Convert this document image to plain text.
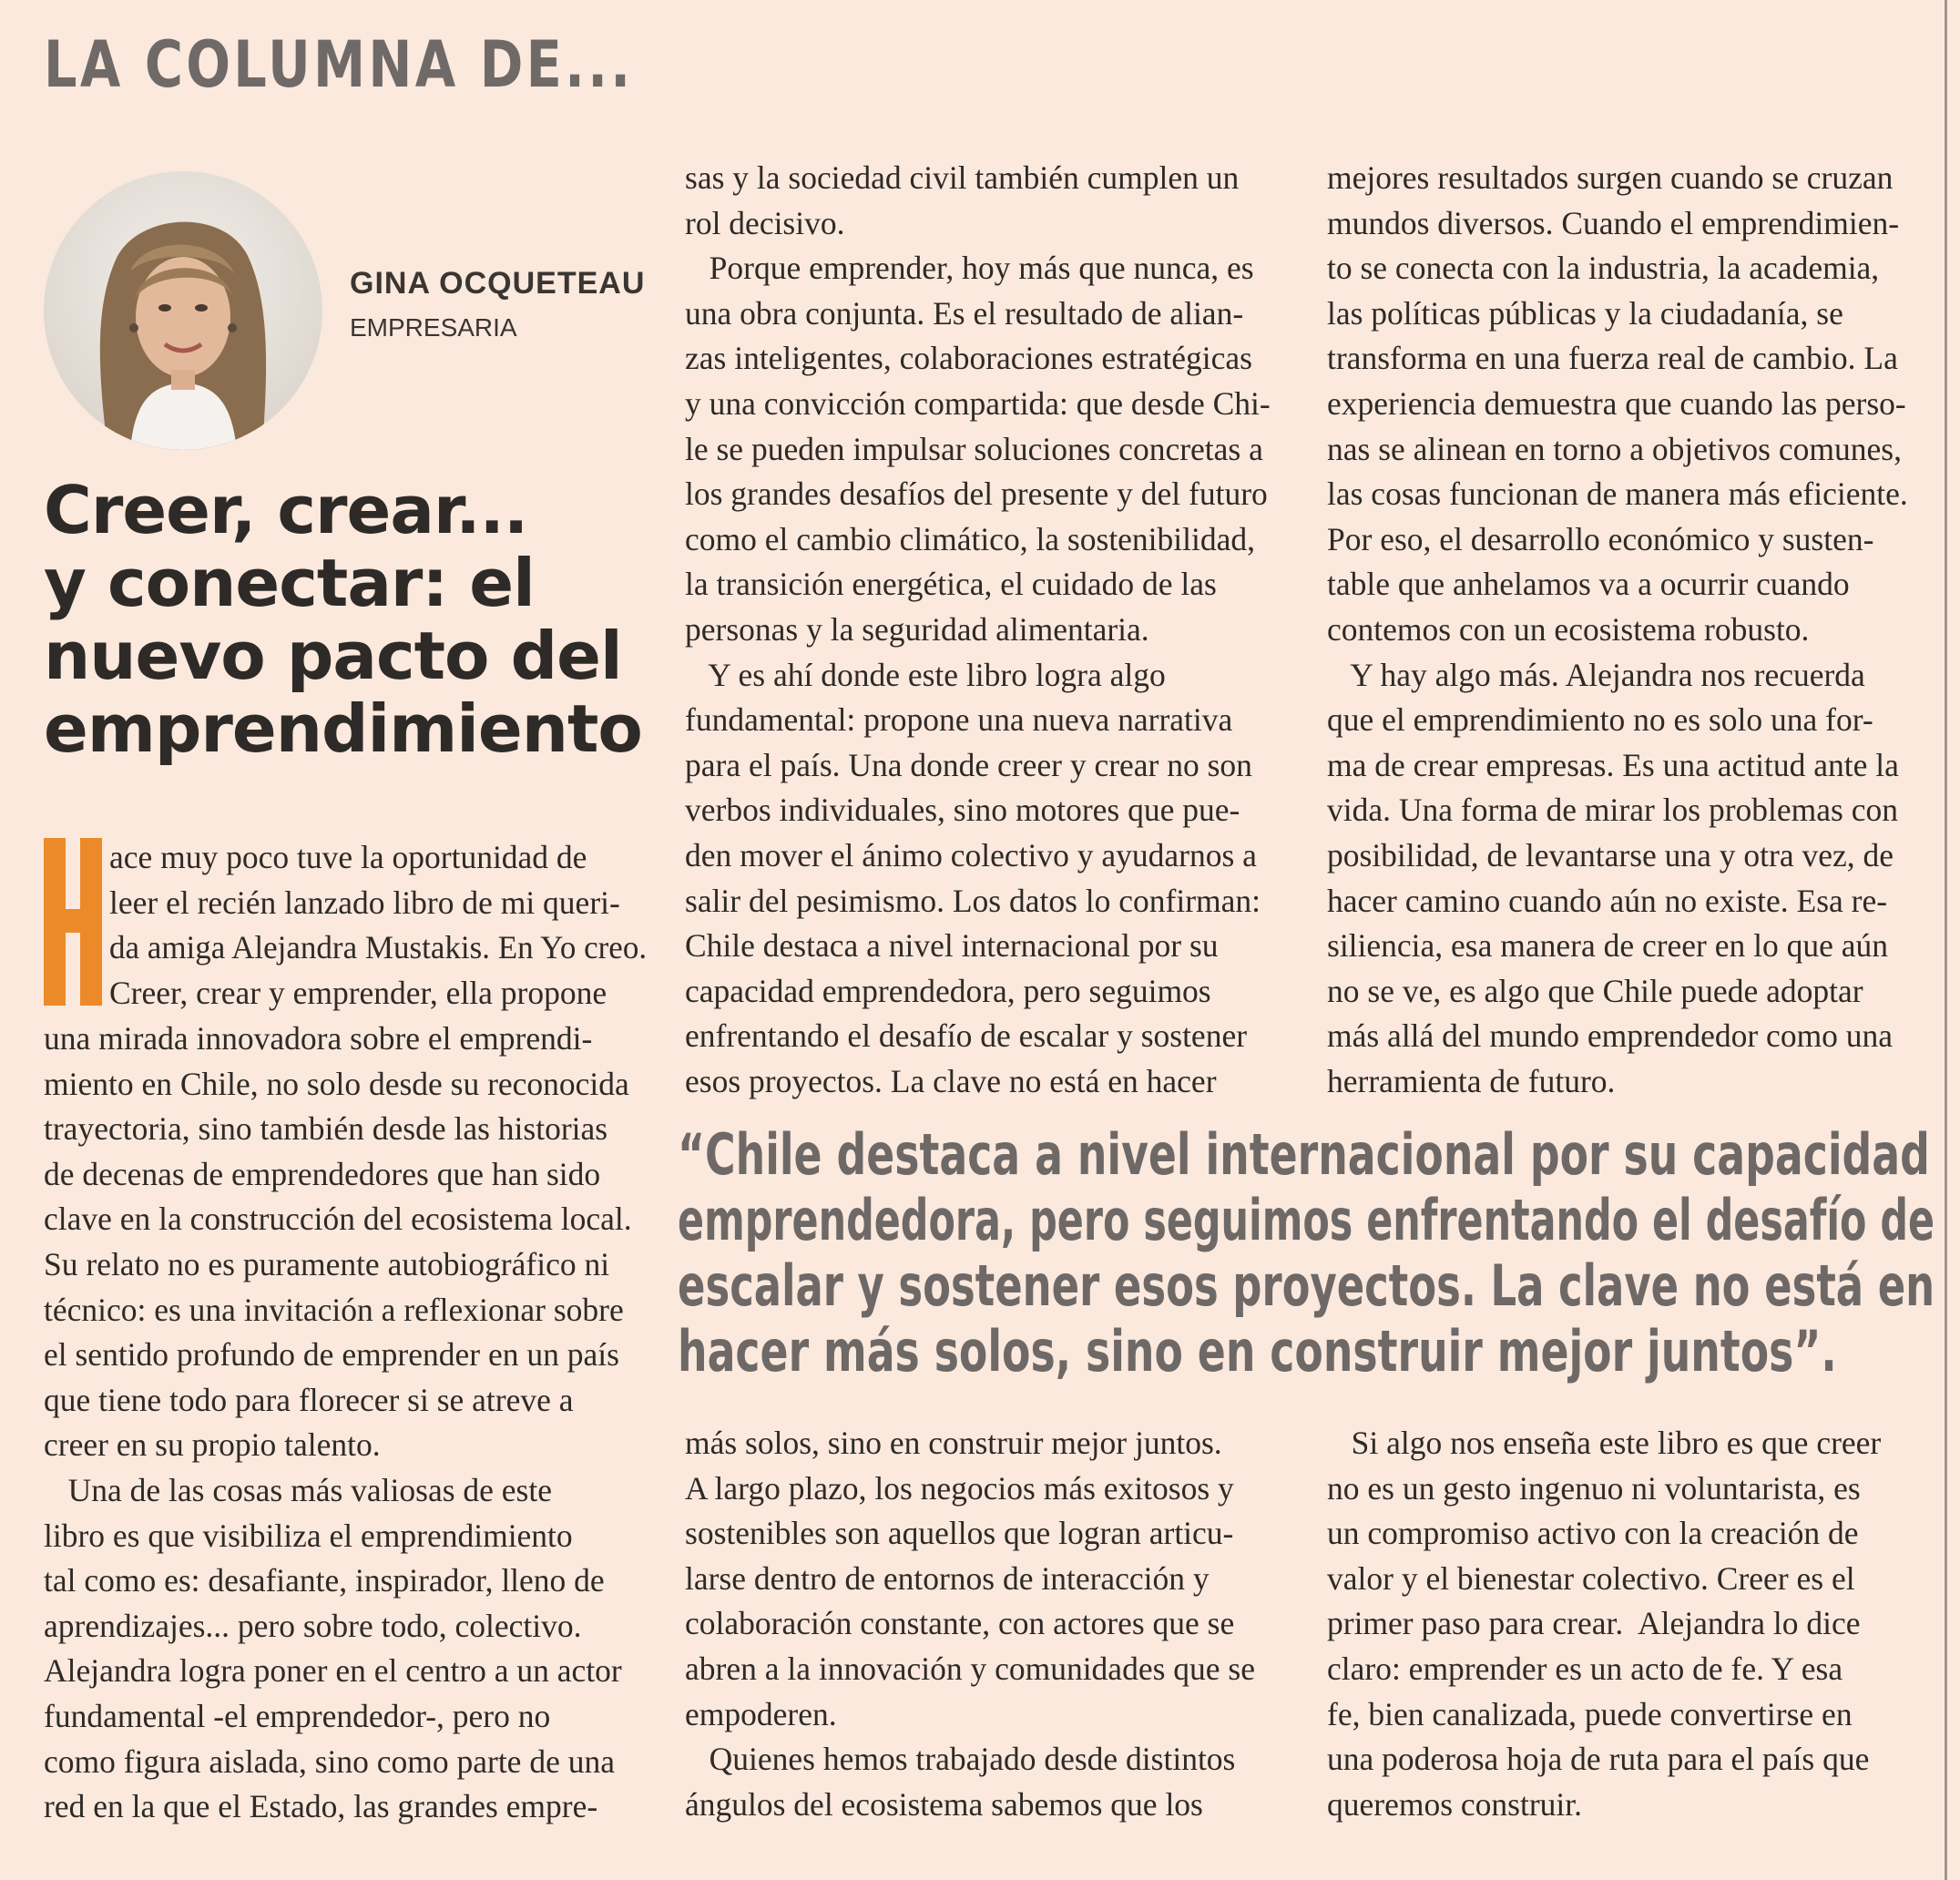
LA COLUMNA DE...
GINA OCQUETEAU
EMPRESARIA
Creer, crear...
y conectar: el
nuevo pacto del
emprendimiento
ace muy poco tuve la oportunidad de
leer el recién lanzado libro de mi queri-
da amiga Alejandra Mustakis. En Yo creo.
Creer, crear y emprender, ella propone
una mirada innovadora sobre el emprendi-
miento en Chile, no solo desde su reconocida
trayectoria, sino también desde las historias
de decenas de emprendedores que han sido
clave en la construcción del ecosistema local.
Su relato no es puramente autobiográfico ni
técnico: es una invitación a reflexionar sobre
el sentido profundo de emprender en un país
que tiene todo para florecer si se atreve a
creer en su propio talento.
Una de las cosas más valiosas de este
libro es que visibiliza el emprendimiento
tal como es: desafiante, inspirador, lleno de
aprendizajes... pero sobre todo, colectivo.
Alejandra logra poner en el centro a un actor
fundamental -el emprendedor-, pero no
como figura aislada, sino como parte de una
red en la que el Estado, las grandes empre-
sas y la sociedad civil también cumplen un
rol decisivo.
Porque emprender, hoy más que nunca, es
una obra conjunta. Es el resultado de alian-
zas inteligentes, colaboraciones estratégicas
y una convicción compartida: que desde Chi-
le se pueden impulsar soluciones concretas a
los grandes desafíos del presente y del futuro
como el cambio climático, la sostenibilidad,
la transición energética, el cuidado de las
personas y la seguridad alimentaria.
Y es ahí donde este libro logra algo
fundamental: propone una nueva narrativa
para el país. Una donde creer y crear no son
verbos individuales, sino motores que pue-
den mover el ánimo colectivo y ayudarnos a
salir del pesimismo. Los datos lo confirman:
Chile destaca a nivel internacional por su
capacidad emprendedora, pero seguimos
enfrentando el desafío de escalar y sostener
esos proyectos. La clave no está en hacer
mejores resultados surgen cuando se cruzan
mundos diversos. Cuando el emprendimien-
to se conecta con la industria, la academia,
las políticas públicas y la ciudadanía, se
transforma en una fuerza real de cambio. La
experiencia demuestra que cuando las perso-
nas se alinean en torno a objetivos comunes,
las cosas funcionan de manera más eficiente.
Por eso, el desarrollo económico y susten-
table que anhelamos va a ocurrir cuando
contemos con un ecosistema robusto.
Y hay algo más. Alejandra nos recuerda
que el emprendimiento no es solo una for-
ma de crear empresas. Es una actitud ante la
vida. Una forma de mirar los problemas con
posibilidad, de levantarse una y otra vez, de
hacer camino cuando aún no existe. Esa re-
siliencia, esa manera de creer en lo que aún
no se ve, es algo que Chile puede adoptar
más allá del mundo emprendedor como una
herramienta de futuro.
“Chile destaca a nivel internacional por su capacidad
emprendedora, pero seguimos enfrentando el desafío de
escalar y sostener esos proyectos. La clave no está en
hacer más solos, sino en construir mejor juntos”.
más solos, sino en construir mejor juntos.
A largo plazo, los negocios más exitosos y
sostenibles son aquellos que logran articu-
larse dentro de entornos de interacción y
colaboración constante, con actores que se
abren a la innovación y comunidades que se
empoderen.
Quienes hemos trabajado desde distintos
ángulos del ecosistema sabemos que los
Si algo nos enseña este libro es que creer
no es un gesto ingenuo ni voluntarista, es
un compromiso activo con la creación de
valor y el bienestar colectivo. Creer es el
primer paso para crear.  Alejandra lo dice
claro: emprender es un acto de fe. Y esa
fe, bien canalizada, puede convertirse en
una poderosa hoja de ruta para el país que
queremos construir.
